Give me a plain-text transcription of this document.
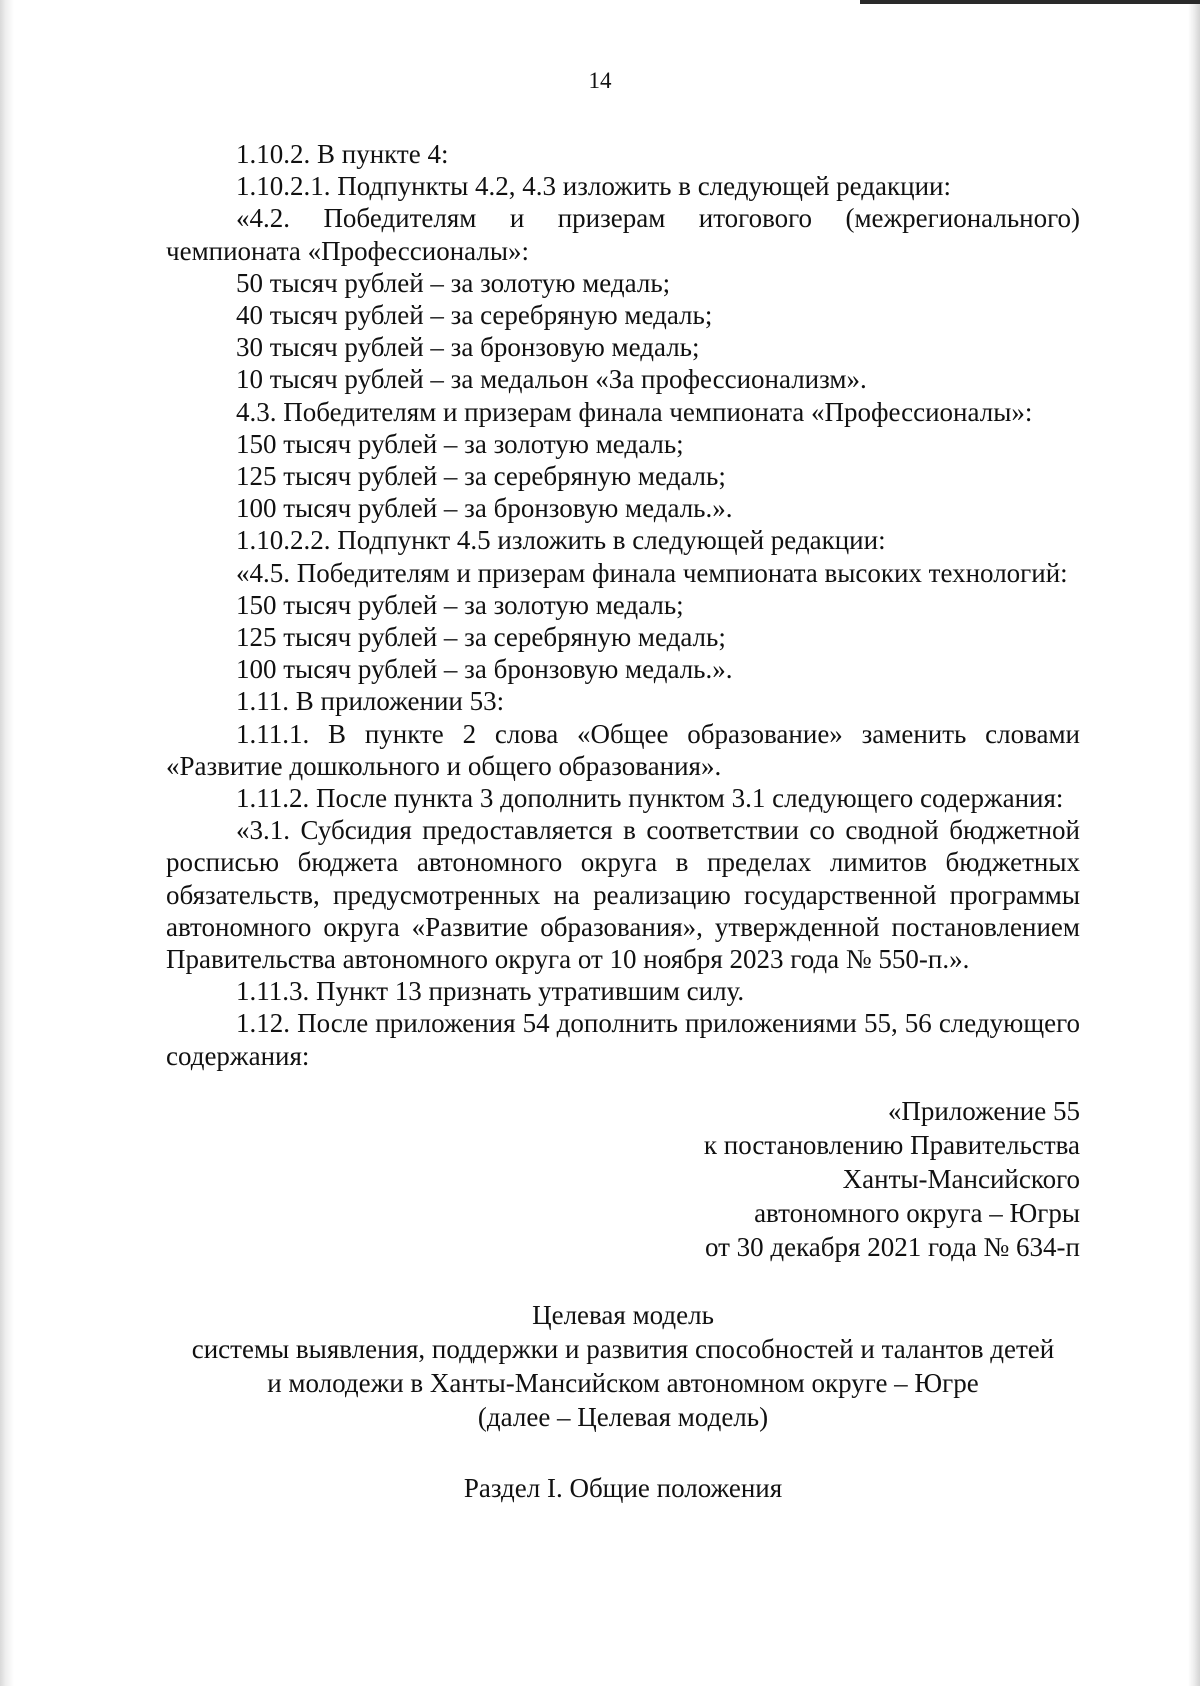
14

1.10.2. В пункте 4:

1.10.2.1. Подпункты 4.2, 4.3 изложить в следующей редакции:

«4.2. Победителям и призерам итогового (межрегионального) чемпионата «Профессионалы»:

50 тысяч рублей – за золотую медаль;

40 тысяч рублей – за серебряную медаль;

30 тысяч рублей – за бронзовую медаль;

10 тысяч рублей – за медальон «За профессионализм».

4.3. Победителям и призерам финала чемпионата «Профессионалы»:

150 тысяч рублей – за золотую медаль;

125 тысяч рублей – за серебряную медаль;

100 тысяч рублей – за бронзовую медаль.».

1.10.2.2. Подпункт 4.5 изложить в следующей редакции:

«4.5. Победителям и призерам финала чемпионата высоких технологий:

150 тысяч рублей – за золотую медаль;

125 тысяч рублей – за серебряную медаль;

100 тысяч рублей – за бронзовую медаль.».

1.11. В приложении 53:

1.11.1. В пункте 2 слова «Общее образование» заменить словами «Развитие дошкольного и общего образования».

1.11.2. После пункта 3 дополнить пунктом 3.1 следующего содержания:

«3.1. Субсидия предоставляется в соответствии со сводной бюджетной росписью бюджета автономного округа в пределах лимитов бюджетных обязательств, предусмотренных на реализацию государственной программы автономного округа «Развитие образования», утвержденной постановлением Правительства автономного округа от 10 ноября 2023 года № 550-п.».

1.11.3. Пункт 13 признать утратившим силу.

1.12. После приложения 54 дополнить приложениями 55, 56 следующего содержания:

«Приложение 55

к постановлению Правительства

Ханты-Мансийского

автономного округа – Югры

от 30 декабря 2021 года № 634-п

Целевая модель

системы выявления, поддержки и развития способностей и талантов детей

и молодежи в Ханты-Мансийском автономном округе – Югре

(далее – Целевая модель)

Раздел I. Общие положения
